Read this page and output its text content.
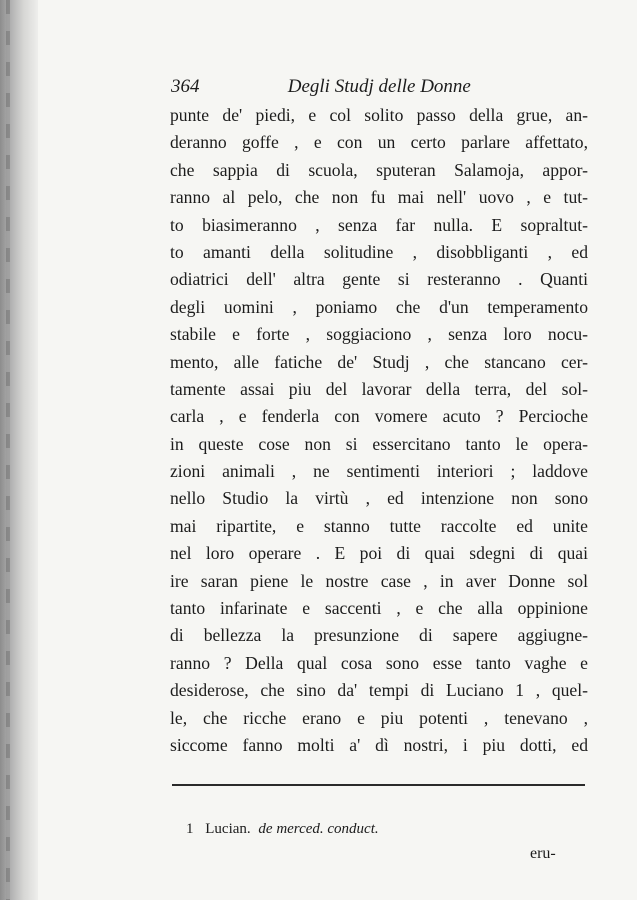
364	Degli Studj delle Donne
punte de' piedi, e col solito passo della grue, an-
deranno goffe , e con un certo parlare affettato,
che sappia di scuola, sputeran Salamoja, appor-
ranno al pelo, che non fu mai nell' uovo , e tut-
to biasimeranno , senza far nulla. E sopraltut-
to amanti della solitudine , disobbliganti , ed
odiatrici dell' altra gente si resteranno . Quanti
degli uomini , poniamo che d'un temperamento
stabile e forte , soggiaciono , senza loro nocu-
mento, alle fatiche de' Studj , che stancano cer-
tamente assai piu del lavorar della terra, del sol-
carla , e fenderla con vomere acuto ? Percioche
in queste cose non si essercitano tanto le opera-
zioni animali , ne sentimenti interiori ; laddove
nello Studio la virtù , ed intenzione non sono
mai ripartite, e stanno tutte raccolte ed unite
nel loro operare . E poi di quai sdegni di quai
ire saran piene le nostre case , in aver Donne sol
tanto infarinate e saccenti , e che alla oppinione
di bellezza la presunzione di sapere aggiugne-
ranno ? Della qual cosa sono esse tanto vaghe e
desiderose, che sino da' tempi di Luciano 1 , quel-
le, che ricche erano e piu potenti , tenevano ,
siccome fanno molti a' dì nostri, i piu dotti, ed
1 Lucian. de merced. conduct.
eru-
